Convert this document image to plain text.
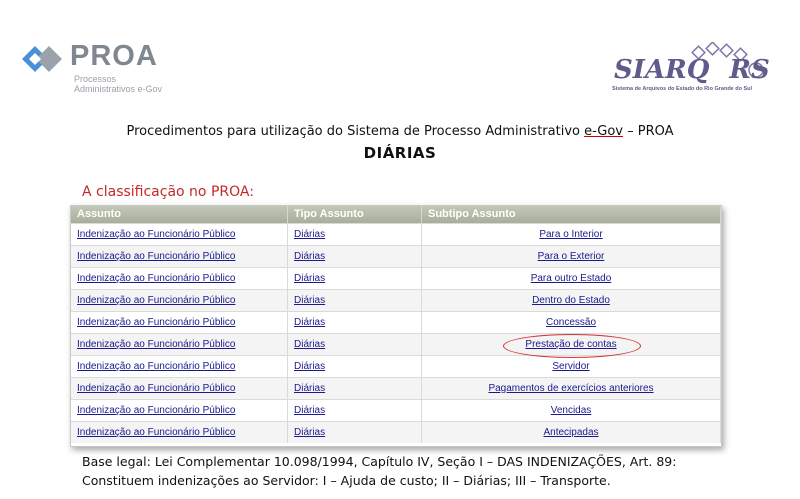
PROA
Processos
Administrativos e-Gov
SIARQ RS
Sistema de Arquivos do Estado do Rio Grande do Sul
Procedimentos para utilização do Sistema de Processo Administrativo e-Gov – PROA
DIÁRIAS
A classificação no PROA:
Assunto	Tipo Assunto	Subtipo Assunto
Indenização ao Funcionário Público	Diárias	Para o Interior
Indenização ao Funcionário Público	Diárias	Para o Exterior
Indenização ao Funcionário Público	Diárias	Para outro Estado
Indenização ao Funcionário Público	Diárias	Dentro do Estado
Indenização ao Funcionário Público	Diárias	Concessão
Indenização ao Funcionário Público	Diárias	Prestação de contas
Indenização ao Funcionário Público	Diárias	Servidor
Indenização ao Funcionário Público	Diárias	Pagamentos de exercícios anteriores
Indenização ao Funcionário Público	Diárias	Vencidas
Indenização ao Funcionário Público	Diárias	Antecipadas
Base legal: Lei Complementar 10.098/1994, Capítulo IV, Seção I – DAS INDENIZAÇÕES, Art. 89:
Constituem indenizações ao Servidor: I – Ajuda de custo; II – Diárias; III – Transporte.
